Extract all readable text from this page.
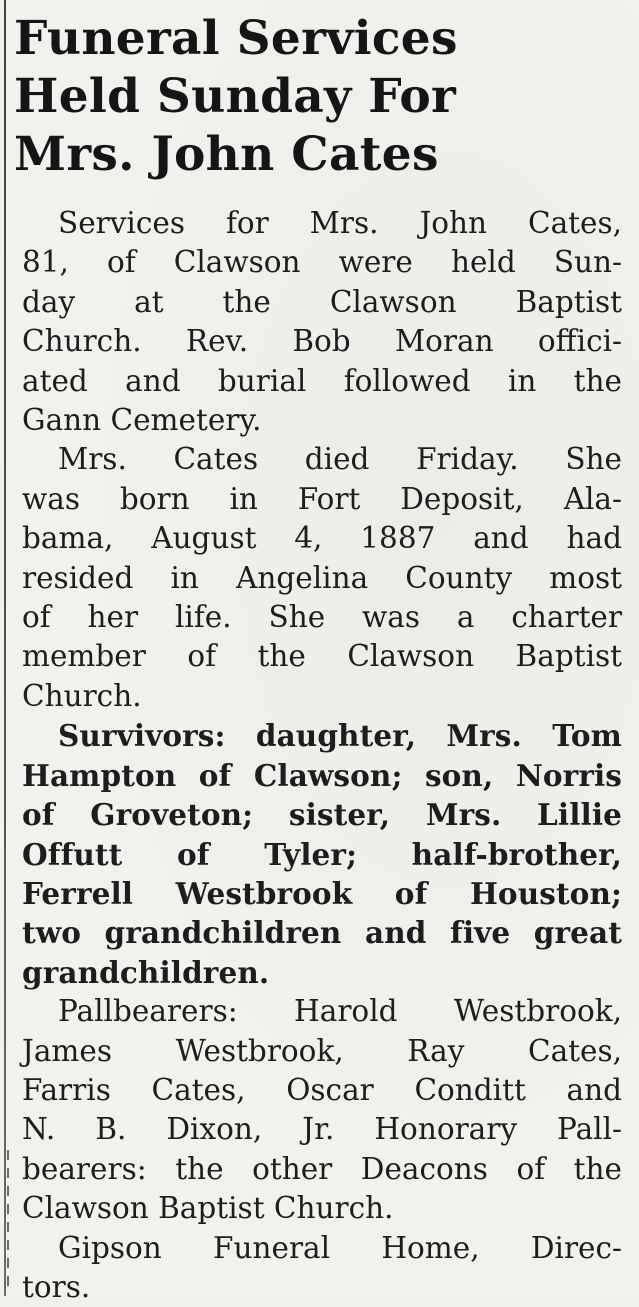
Funeral Services
Held Sunday For
Mrs. John Cates

Services for Mrs. John Cates,
81, of Clawson were held Sun-
day at the Clawson Baptist
Church. Rev. Bob Moran offici-
ated and burial followed in the
Gann Cemetery.

Mrs. Cates died Friday. She
was born in Fort Deposit, Ala-
bama, August 4, 1887 and had
resided in Angelina County most
of her life. She was a charter
member of the Clawson Baptist
Church.

Survivors: daughter, Mrs. Tom
Hampton of Clawson; son, Norris
of Groveton; sister, Mrs. Lillie
Offutt of Tyler; half-brother,
Ferrell Westbrook of Houston;
two grandchildren and five great
grandchildren.

Pallbearers: Harold Westbrook,
James Westbrook, Ray Cates,
Farris Cates, Oscar Conditt and
N. B. Dixon, Jr. Honorary Pall-
bearers: the other Deacons of the
Clawson Baptist Church.

Gipson Funeral Home, Direc-
tors.
